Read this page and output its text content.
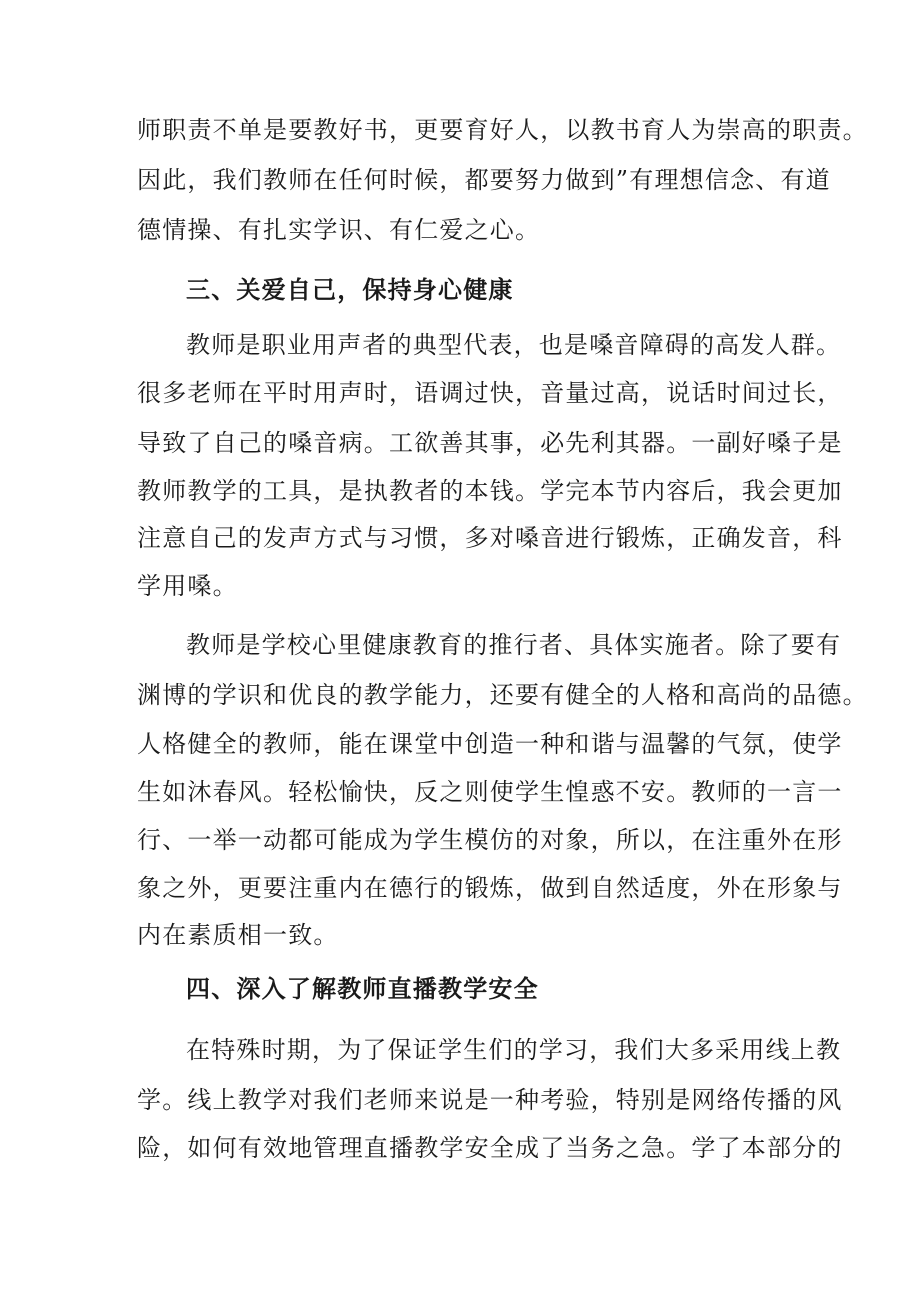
师职责不单是要教好书，更要育好人，以教书育人为崇高的职责。
因此，我们教师在任何时候，都要努力做到”有理想信念、有道
德情操、有扎实学识、有仁爱之心。
三、关爱自己，保持身心健康
教师是职业用声者的典型代表，也是嗓音障碍的高发人群。
很多老师在平时用声时，语调过快，音量过高，说话时间过长，
导致了自己的嗓音病。工欲善其事，必先利其器。一副好嗓子是
教师教学的工具，是执教者的本钱。学完本节内容后，我会更加
注意自己的发声方式与习惯，多对嗓音进行锻炼，正确发音，科
学用嗓。
教师是学校心里健康教育的推行者、具体实施者。除了要有
渊博的学识和优良的教学能力，还要有健全的人格和高尚的品德。
人格健全的教师，能在课堂中创造一种和谐与温馨的气氛，使学
生如沐春风。轻松愉快，反之则使学生惶惑不安。教师的一言一
行、一举一动都可能成为学生模仿的对象，所以，在注重外在形
象之外，更要注重内在德行的锻炼，做到自然适度，外在形象与
内在素质相一致。
四、深入了解教师直播教学安全
在特殊时期，为了保证学生们的学习，我们大多采用线上教
学。线上教学对我们老师来说是一种考验，特别是网络传播的风
险，如何有效地管理直播教学安全成了当务之急。学了本部分的
